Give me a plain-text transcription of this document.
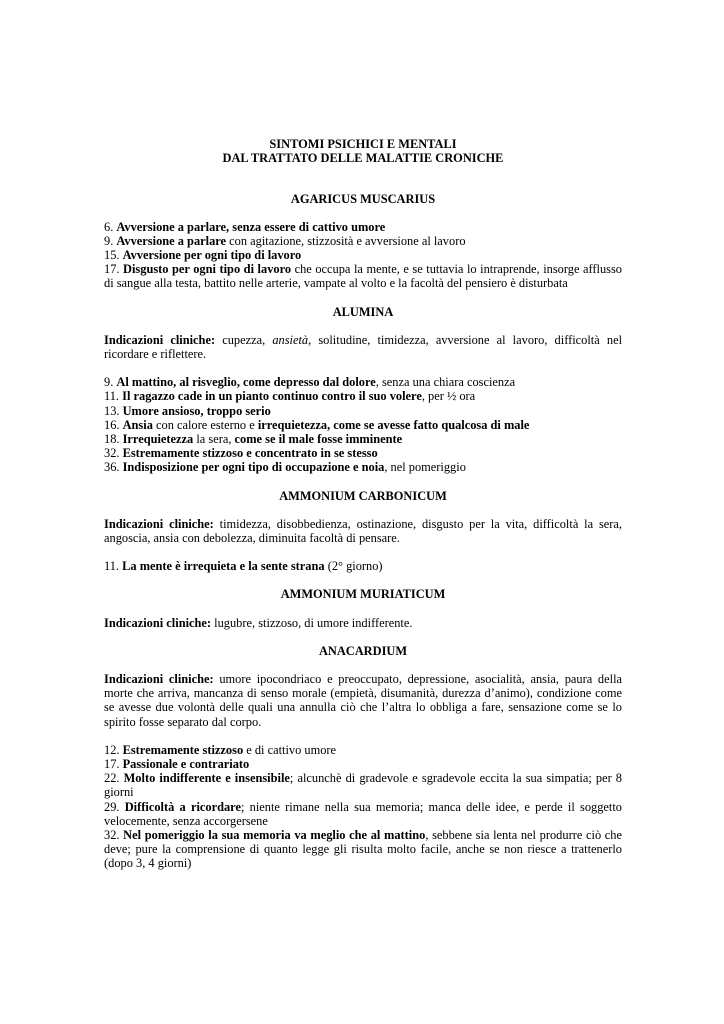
SINTOMI PSICHICI E MENTALI
DAL TRATTATO DELLE MALATTIE CRONICHE
AGARICUS MUSCARIUS
6. Avversione a parlare, senza essere di cattivo umore
9. Avversione a parlare con agitazione, stizzosità e avversione al lavoro
15. Avversione per ogni tipo di lavoro
17. Disgusto per ogni tipo di lavoro che occupa la mente, e se tuttavia lo intraprende, insorge afflusso di sangue alla testa, battito nelle arterie, vampate al volto e la facoltà del pensiero è disturbata
ALUMINA
Indicazioni cliniche: cupezza, ansietà, solitudine, timidezza, avversione al lavoro, difficoltà nel ricordare e riflettere.
9. Al mattino, al risveglio, come depresso dal dolore, senza una chiara coscienza
11. Il ragazzo cade in un pianto continuo contro il suo volere, per ½ ora
13. Umore ansioso, troppo serio
16. Ansia con calore esterno e irrequietezza, come se avesse fatto qualcosa di male
18. Irrequietezza la sera, come se il male fosse imminente
32. Estremamente stizzoso e concentrato in se stesso
36. Indisposizione per ogni tipo di occupazione e noia, nel pomeriggio
AMMONIUM CARBONICUM
Indicazioni cliniche: timidezza, disobbedienza, ostinazione, disgusto per la vita, difficoltà la sera, angoscia, ansia con debolezza, diminuita facoltà di pensare.
11. La mente è irrequieta e la sente strana (2° giorno)
AMMONIUM MURIATICUM
Indicazioni cliniche: lugubre, stizzoso, di umore indifferente.
ANACARDIUM
Indicazioni cliniche: umore ipocondriaco e preoccupato, depressione, asocialità, ansia, paura della morte che arriva, mancanza di senso morale (empietà, disumanità, durezza d’animo), condizione come se avesse due volontà delle quali una annulla ciò che l’altra lo obbliga a fare, sensazione come se lo spirito fosse separato dal corpo.
12. Estremamente stizzoso e di cattivo umore
17. Passionale e contrariato
22. Molto indifferente e insensibile; alcunchè di gradevole e sgradevole eccita la sua simpatia; per 8 giorni
29. Difficoltà a ricordare; niente rimane nella sua memoria; manca delle idee, e perde il soggetto velocemente, senza accorgersene
32. Nel pomeriggio la sua memoria va meglio che al mattino, sebbene sia lenta nel produrre ciò che deve; pure la comprensione di quanto legge gli risulta molto facile, anche se non riesce a trattenerlo (dopo 3, 4 giorni)
